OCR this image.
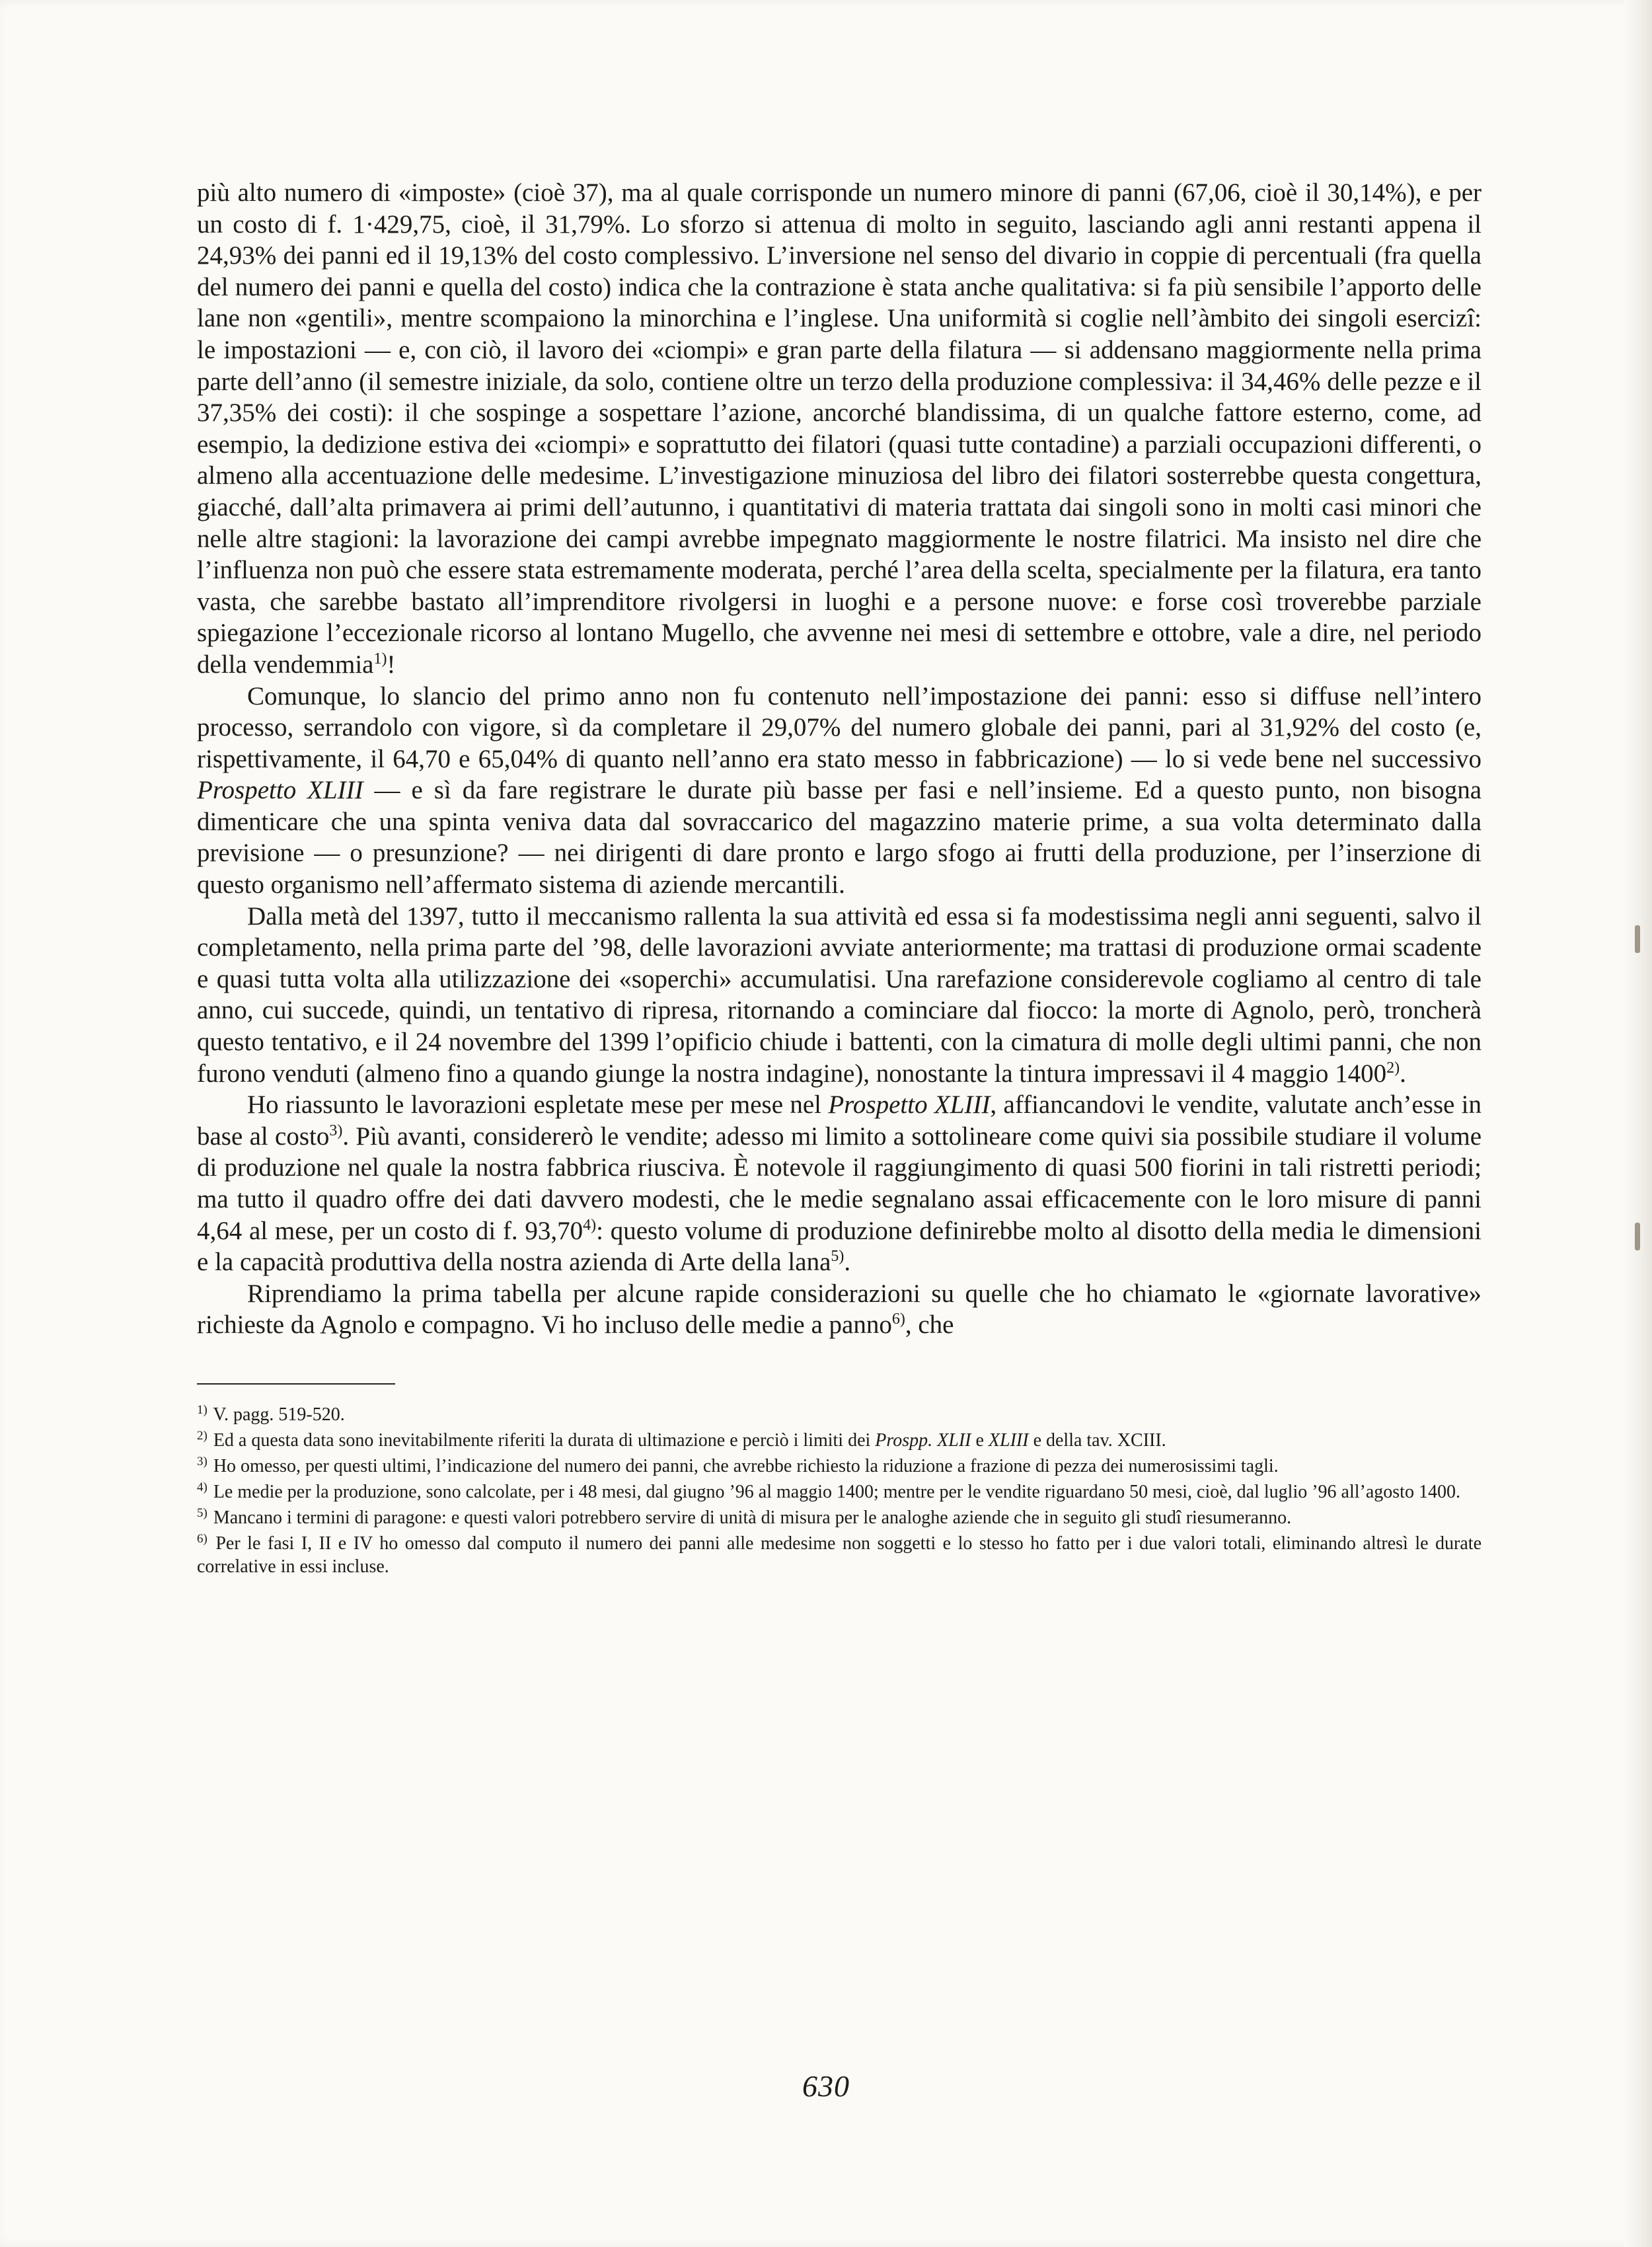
più alto numero di «imposte» (cioè 37), ma al quale corrisponde un numero minore di panni (67,06, cioè il 30,14%), e per un costo di f. 1·429,75, cioè, il 31,79%. Lo sforzo si attenua di molto in seguito, lasciando agli anni restanti appena il 24,93% dei panni ed il 19,13% del costo complessivo. L’inversione nel senso del divario in coppie di percentuali (fra quella del numero dei panni e quella del costo) indica che la contrazione è stata anche qualitativa: si fa più sensibile l’apporto delle lane non «gentili», mentre scompaiono la minorchina e l’inglese. Una uniformità si coglie nell’àmbito dei singoli esercizî: le impostazioni — e, con ciò, il lavoro dei «ciompi» e gran parte della filatura — si addensano maggiormente nella prima parte dell’anno (il semestre iniziale, da solo, contiene oltre un terzo della produzione complessiva: il 34,46% delle pezze e il 37,35% dei costi): il che sospinge a sospettare l’azione, ancorché blandissima, di un qualche fattore esterno, come, ad esempio, la dedizione estiva dei «ciompi» e soprattutto dei filatori (quasi tutte contadine) a parziali occupazioni differenti, o almeno alla accentuazione delle medesime. L’investigazione minuziosa del libro dei filatori sosterrebbe questa congettura, giacché, dall’alta primavera ai primi dell’autunno, i quantitativi di materia trattata dai singoli sono in molti casi minori che nelle altre stagioni: la lavorazione dei campi avrebbe impegnato maggiormente le nostre filatrici. Ma insisto nel dire che l’influenza non può che essere stata estremamente moderata, perché l’area della scelta, specialmente per la filatura, era tanto vasta, che sarebbe bastato all’imprenditore rivolgersi in luoghi e a persone nuove: e forse così troverebbe parziale spiegazione l’eccezionale ricorso al lontano Mugello, che avvenne nei mesi di settembre e ottobre, vale a dire, nel periodo della vendemmia$^{1)}$!

Comunque, lo slancio del primo anno non fu contenuto nell’impostazione dei panni: esso si diffuse nell’intero processo, serrandolo con vigore, sì da completare il 29,07% del numero globale dei panni, pari al 31,92% del costo (e, rispettivamente, il 64,70 e 65,04% di quanto nell’anno era stato messo in fabbricazione) — lo si vede bene nel successivo Prospetto XLIII — e sì da fare registrare le durate più basse per fasi e nell’insieme. Ed a questo punto, non bisogna dimenticare che una spinta veniva data dal sovraccarico del magazzino materie prime, a sua volta determinato dalla previsione — o presunzione? — nei dirigenti di dare pronto e largo sfogo ai frutti della produzione, per l’inserzione di questo organismo nell’affermato sistema di aziende mercantili.

Dalla metà del 1397, tutto il meccanismo rallenta la sua attività ed essa si fa modestissima negli anni seguenti, salvo il completamento, nella prima parte del ’98, delle lavorazioni avviate anteriormente; ma trattasi di produzione ormai scadente e quasi tutta volta alla utilizzazione dei «soperchi» accumulatisi. Una rarefazione considerevole cogliamo al centro di tale anno, cui succede, quindi, un tentativo di ripresa, ritornando a cominciare dal fiocco: la morte di Agnolo, però, troncherà questo tentativo, e il 24 novembre del 1399 l’opificio chiude i battenti, con la cimatura di molle degli ultimi panni, che non furono venduti (almeno fino a quando giunge la nostra indagine), nonostante la tintura impressavi il 4 maggio 1400$^{2)}$.

Ho riassunto le lavorazioni espletate mese per mese nel Prospetto XLIII, affiancandovi le vendite, valutate anch’esse in base al costo$^{3)}$. Più avanti, considererò le vendite; adesso mi limito a sottolineare come quivi sia possibile studiare il volume di produzione nel quale la nostra fabbrica riusciva. È notevole il raggiungimento di quasi 500 fiorini in tali ristretti periodi; ma tutto il quadro offre dei dati davvero modesti, che le medie segnalano assai efficacemente con le loro misure di panni 4,64 al mese, per un costo di f. 93,70$^{4)}$: questo volume di produzione definirebbe molto al disotto della media le dimensioni e la capacità produttiva della nostra azienda di Arte della lana$^{5)}$.

Riprendiamo la prima tabella per alcune rapide considerazioni su quelle che ho chiamato le «giornate lavorative» richieste da Agnolo e compagno. Vi ho incluso delle medie a panno$^{6)}$, che

$^{1)}$ V. pagg. 519-520.

$^{2)}$ Ed a questa data sono inevitabilmente riferiti la durata di ultimazione e perciò i limiti dei Prospp. XLII e XLIII e della tav. XCIII.

$^{3)}$ Ho omesso, per questi ultimi, l’indicazione del numero dei panni, che avrebbe richiesto la riduzione a frazione di pezza dei numerosissimi tagli.

$^{4)}$ Le medie per la produzione, sono calcolate, per i 48 mesi, dal giugno ’96 al maggio 1400; mentre per le vendite riguardano 50 mesi, cioè, dal luglio ’96 all’agosto 1400.

$^{5)}$ Mancano i termini di paragone: e questi valori potrebbero servire di unità di misura per le analoghe aziende che in seguito gli studî riesumeranno.

$^{6)}$ Per le fasi I, II e IV ho omesso dal computo il numero dei panni alle medesime non soggetti e lo stesso ho fatto per i due valori totali, eliminando altresì le durate correlative in essi incluse.

630
